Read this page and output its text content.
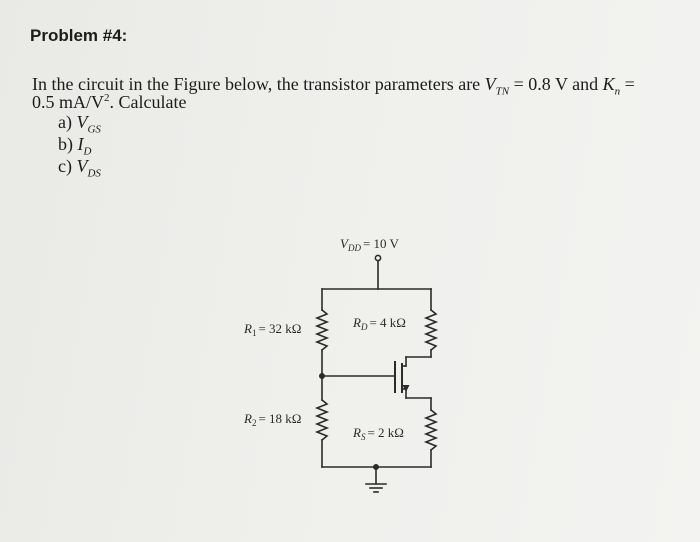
Problem #4:
In the circuit in the Figure below, the transistor parameters are $V_{TN} = 0.8$ V and $K_n$ =
0.5 $mA/V^2$. Calculate
a) $V_{GS}$
b) $I_D$
c) $V_{DS}$
$V_{DD} = 10$ V
$R_1 = 32$ kΩ
$R_2 = 18$ kΩ
$R_D = 4$ kΩ
$R_S = 2$ kΩ
